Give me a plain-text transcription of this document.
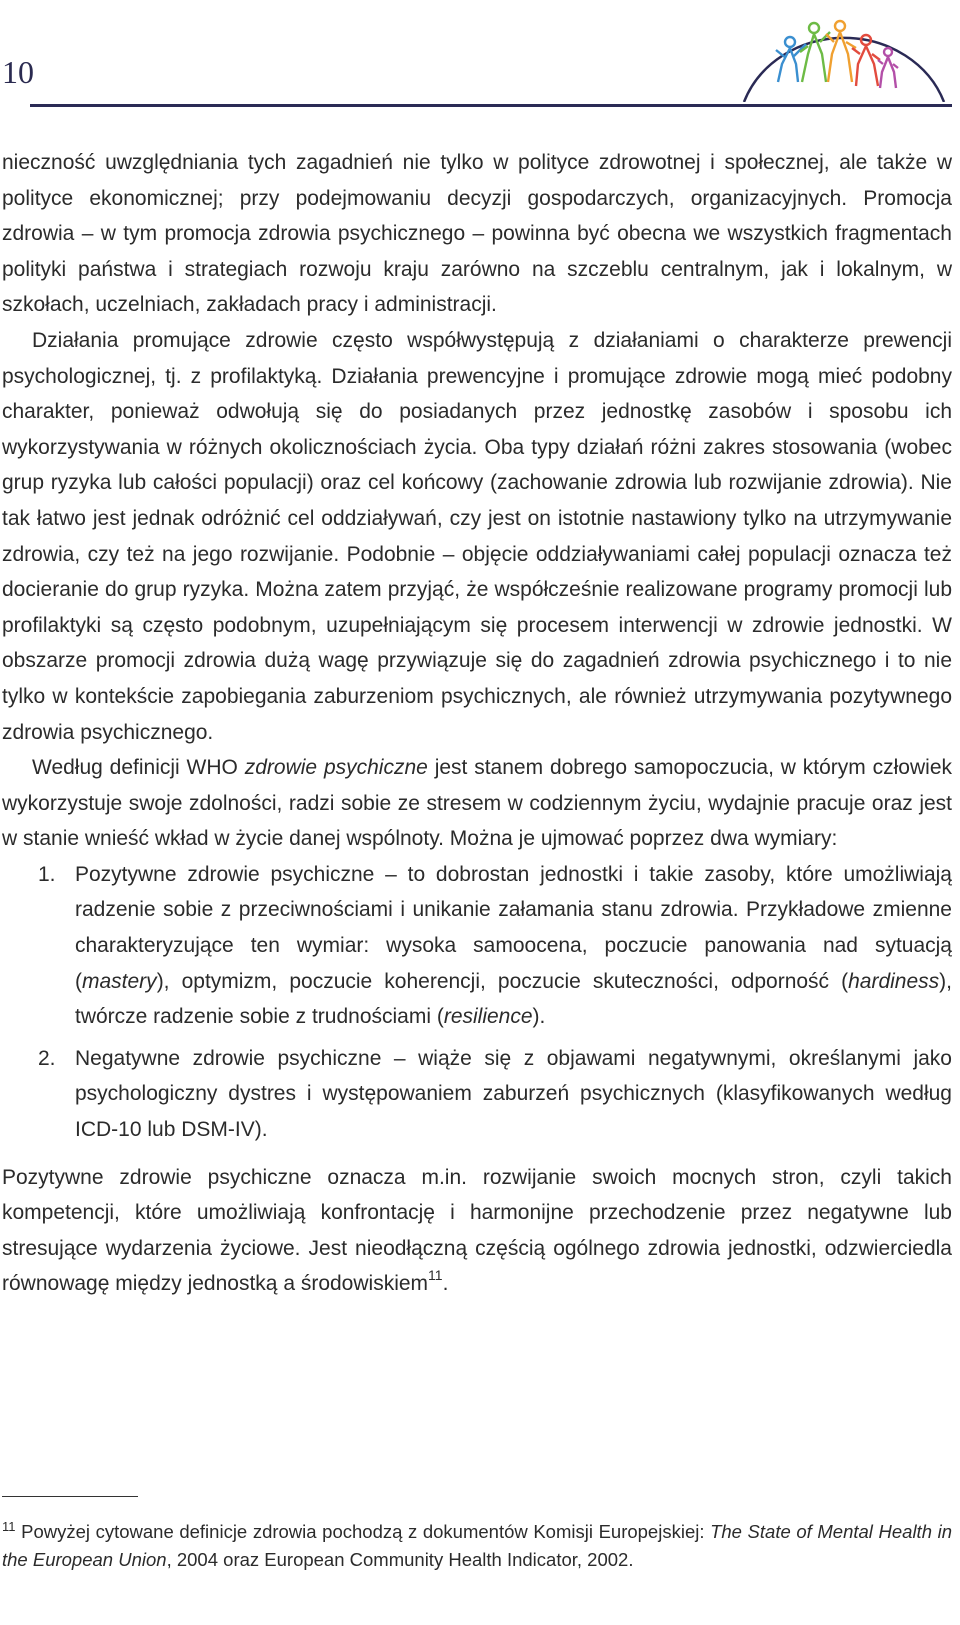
10

nieczność uwzględniania tych zagadnień nie tylko w polityce zdrowotnej i społecznej, ale także w polityce ekonomicznej; przy podejmowaniu decyzji gospodarczych, organizacyjnych. Promocja zdrowia – w tym promocja zdrowia psychicznego – powinna być obecna we wszystkich fragmentach polityki państwa i strategiach rozwoju kraju zarówno na szczeblu centralnym, jak i lokalnym, w szkołach, uczelniach, zakładach pracy i administracji.

Działania promujące zdrowie często współwystępują z działaniami o charakterze prewencji psychologicznej, tj. z profilaktyką. Działania prewencyjne i promujące zdrowie mogą mieć podobny charakter, ponieważ odwołują się do posiadanych przez jednostkę zasobów i sposobu ich wykorzystywania w różnych okolicznościach życia. Oba typy działań różni zakres stosowania (wobec grup ryzyka lub całości populacji) oraz cel końcowy (zachowanie zdrowia lub rozwijanie zdrowia). Nie tak łatwo jest jednak odróżnić cel oddziaływań, czy jest on istotnie nastawiony tylko na utrzymywanie zdrowia, czy też na jego rozwijanie. Podobnie – objęcie oddziaływaniami całej populacji oznacza też docieranie do grup ryzyka. Można zatem przyjąć, że współcześnie realizowane programy promocji lub profilaktyki są często podobnym, uzupełniającym się procesem interwencji w zdrowie jednostki. W obszarze promocji zdrowia dużą wagę przywiązuje się do zagadnień zdrowia psychicznego i to nie tylko w kontekście zapobiegania zaburzeniom psychicznych, ale również utrzymywania pozytywnego zdrowia psychicznego.

Według definicji WHO zdrowie psychiczne jest stanem dobrego samopoczucia, w którym człowiek wykorzystuje swoje zdolności, radzi sobie ze stresem w codziennym życiu, wydajnie pracuje oraz jest w stanie wnieść wkład w życie danej wspólnoty. Można je ujmować poprzez dwa wymiary:

1. Pozytywne zdrowie psychiczne – to dobrostan jednostki i takie zasoby, które umożliwiają radzenie sobie z przeciwnościami i unikanie załamania stanu zdrowia. Przykładowe zmienne charakteryzujące ten wymiar: wysoka samoocena, poczucie panowania nad sytuacją (mastery), optymizm, poczucie koherencji, poczucie skuteczności, odporność (hardiness), twórcze radzenie sobie z trudnościami (resilience).
2. Negatywne zdrowie psychiczne – wiąże się z objawami negatywnymi, określanymi jako psychologiczny dystres i występowaniem zaburzeń psychicznych (klasyfikowanych według ICD-10 lub DSM-IV).

Pozytywne zdrowie psychiczne oznacza m.in. rozwijanie swoich mocnych stron, czyli takich kompetencji, które umożliwiają konfrontację i harmonijne przechodzenie przez negatywne lub stresujące wydarzenia życiowe. Jest nieodłączną częścią ogólnego zdrowia jednostki, odzwierciedla równowagę między jednostką a środowiskiem$^{11}$.

$^{11}$ Powyżej cytowane definicje zdrowia pochodzą z dokumentów Komisji Europejskiej: The State of Mental Health in the European Union, 2004 oraz European Community Health Indicator, 2002.
